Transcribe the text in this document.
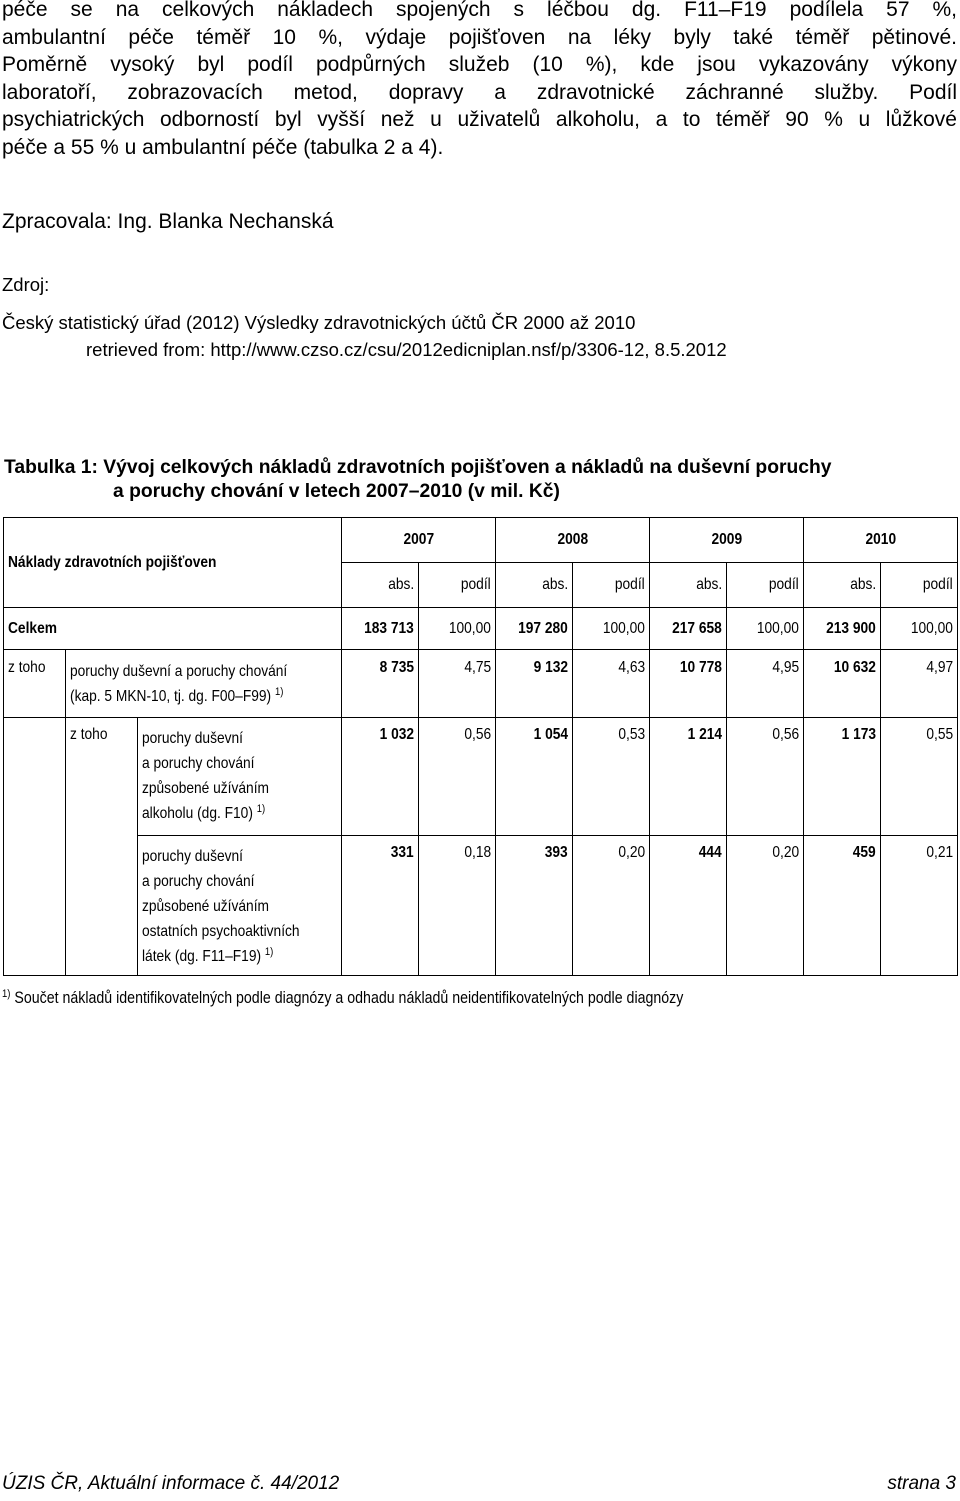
péče se na celkových nákladech spojených s léčbou dg. F11–F19 podílela 57 %,
ambulantní péče téměř 10 %, výdaje pojišťoven na léky byly také téměř pětinové.
Poměrně vysoký byl podíl podpůrných služeb (10 %), kde jsou vykazovány výkony
laboratoří, zobrazovacích metod, dopravy a zdravotnické záchranné služby. Podíl
psychiatrických odborností byl vyšší než u uživatelů alkoholu, a to téměř 90 % u lůžkové
péče a 55 % u ambulantní péče (tabulka 2 a 4).

Zpracovala: Ing. Blanka Nechanská

Zdroj:

Český statistický úřad (2012) Výsledky zdravotnických účtů ČR 2000 až 2010

retrieved from: http://www.czso.cz/csu/2012edicniplan.nsf/p/3306-12, 8.5.2012

Tabulka 1: Vývoj celkových nákladů zdravotních pojišťoven a nákladů na duševní poruchy
a poruchy chování v letech 2007–2010 (v mil. Kč)
Náklady zdravotních pojišťoven			2007		2008		2009		2010	
			abs.	podíl	abs.	podíl	abs.	podíl	abs.	podíl
Celkem			183 713	100,00	197 280	100,00	217 658	100,00	213 900	100,00
z toho	poruchy duševní a poruchy chování
(kap. 5 MKN-10, tj. dg. F00–F99) $^{1)}$		8 735	4,75	9 132	4,63	10 778	4,95	10 632	4,97
	z toho	poruchy duševní
a poruchy chování
způsobené užíváním
alkoholu (dg. F10) $^{1)}$	1 032	0,56	1 054	0,53	1 214	0,56	1 173	0,55
		poruchy duševní
a poruchy chování
způsobené užíváním
ostatních psychoaktivních
látek (dg. F11–F19) $^{1)}$	331	0,18	393	0,20	444	0,20	459	0,21

$^{1)}$ Součet nákladů identifikovatelných podle diagnózy a odhadu nákladů neidentifikovatelných podle diagnózy

ÚZIS ČR, Aktuální informace č. 44/2012	strana 3
